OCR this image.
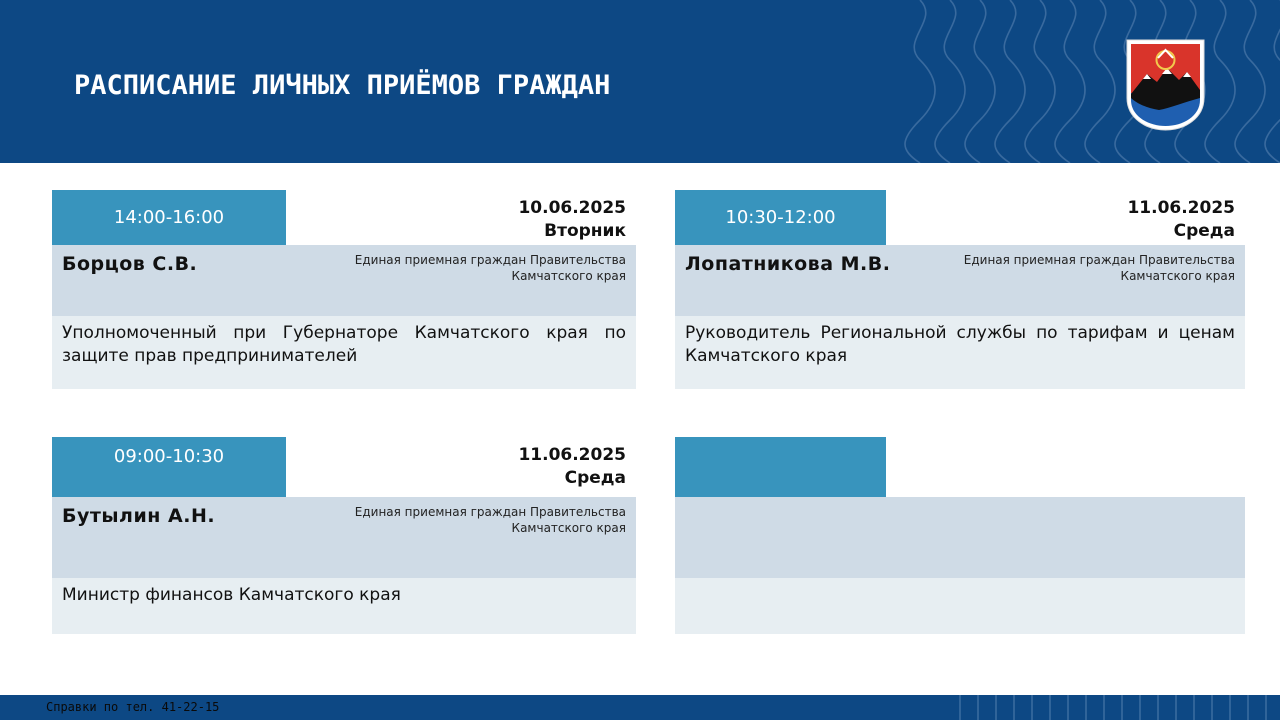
РАСПИСАНИЕ ЛИЧНЫХ ПРИЁМОВ ГРАЖДАН
14:00-16:00	10.06.2025
Вторник
Борцов С.В.	Единая приемная граждан Правительства Камчатского края
Уполномоченный при Губернаторе Камчатского края по защите прав предпринимателей
10:30-12:00	11.06.2025
Среда
Лопатникова М.В.	Единая приемная граждан Правительства Камчатского края
Руководитель Региональной службы по тарифам и ценам Камчатского края
09:00-10:30	11.06.2025
Среда
Бутылин А.Н.	Единая приемная граждан Правительства Камчатского края
Министр финансов Камчатского края
Справки по тел. 41-22-15
